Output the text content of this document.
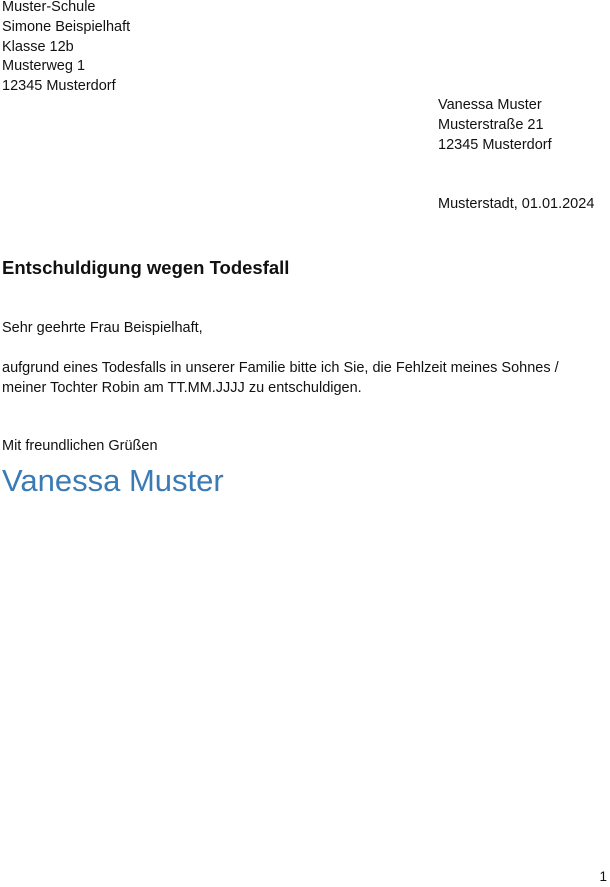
Muster-Schule
Simone Beispielhaft
Klasse 12b
Musterweg 1
12345 Musterdorf
Vanessa Muster
Musterstraße 21
12345 Musterdorf
Musterstadt, 01.01.2024
Entschuldigung wegen Todesfall
Sehr geehrte Frau Beispielhaft,
aufgrund eines Todesfalls in unserer Familie bitte ich Sie, die Fehlzeit meines Sohnes /
meiner Tochter Robin am TT.MM.JJJJ zu entschuldigen.
Mit freundlichen Grüßen
Vanessa Muster
1
